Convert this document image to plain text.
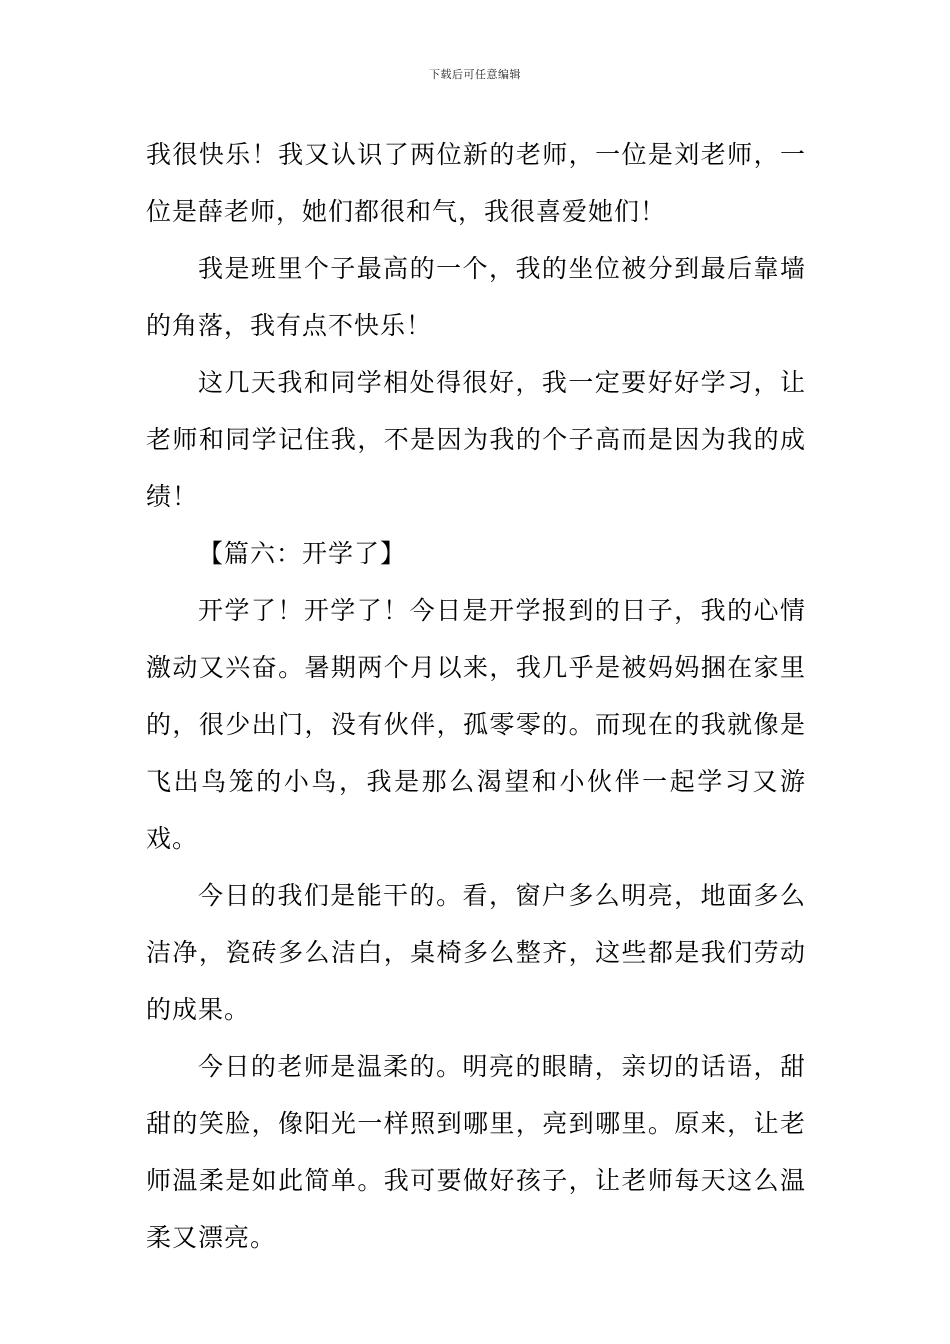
下载后可任意编辑

我很快乐！我又认识了两位新的老师，一位是刘老师，一位是薛老师，她们都很和气，我很喜爱她们！

我是班里个子最高的一个，我的坐位被分到最后靠墙的角落，我有点不快乐！

这几天我和同学相处得很好，我一定要好好学习，让老师和同学记住我，不是因为我的个子高而是因为我的成绩！

【篇六：开学了】

开学了！开学了！今日是开学报到的日子，我的心情激动又兴奋。暑期两个月以来，我几乎是被妈妈捆在家里的，很少出门，没有伙伴，孤零零的。而现在的我就像是飞出鸟笼的小鸟，我是那么渴望和小伙伴一起学习又游戏。

今日的我们是能干的。看，窗户多么明亮，地面多么洁净，瓷砖多么洁白，桌椅多么整齐，这些都是我们劳动的成果。

今日的老师是温柔的。明亮的眼睛，亲切的话语，甜甜的笑脸，像阳光一样照到哪里，亮到哪里。原来，让老师温柔是如此简单。我可要做好孩子，让老师每天这么温柔又漂亮。
